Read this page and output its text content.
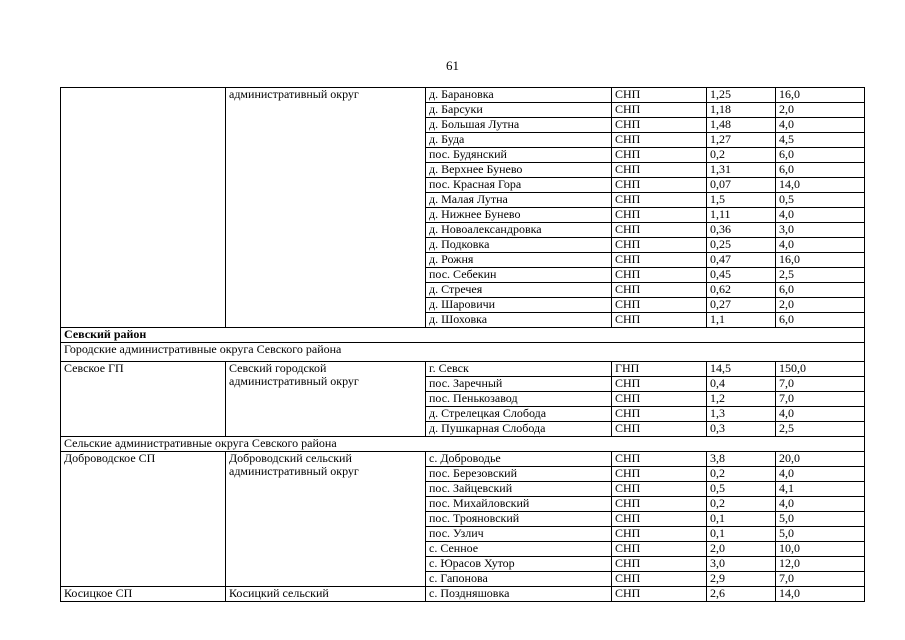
61
	административный округ	д. Барановка	СНП	1,25	16,0
		д. Барсуки	СНП	1,18	2,0
		д. Большая Лутна	СНП	1,48	4,0
		д. Буда	СНП	1,27	4,5
		пос. Будянский	СНП	0,2	6,0
		д. Верхнее Бунево	СНП	1,31	6,0
		пос. Красная Гора	СНП	0,07	14,0
		д. Малая Лутна	СНП	1,5	0,5
		д. Нижнее Бунево	СНП	1,11	4,0
		д. Новоалександровка	СНП	0,36	3,0
		д. Подковка	СНП	0,25	4,0
		д. Рожня	СНП	0,47	16,0
		пос. Себекин	СНП	0,45	2,5
		д. Стречея	СНП	0,62	6,0
		д. Шаровичи	СНП	0,27	2,0
		д. Шоховка	СНП	1,1	6,0
Севский район					
Городские административные округа Севского района					
Севское ГП	Севский городской административный округ	г. Севск	ГНП	14,5	150,0
		пос. Заречный	СНП	0,4	7,0
		пос. Пенькозавод	СНП	1,2	7,0
		д. Стрелецкая Слобода	СНП	1,3	4,0
		д. Пушкарная Слобода	СНП	0,3	2,5
Сельские административные округа Севского района					
Доброводское СП	Доброводский сельский административный округ	с. Доброводье	СНП	3,8	20,0
		пос. Березовский	СНП	0,2	4,0
		пос. Зайцевский	СНП	0,5	4,1
		пос. Михайловский	СНП	0,2	4,0
		пос. Трояновский	СНП	0,1	5,0
		пос. Узлич	СНП	0,1	5,0
		с. Сенное	СНП	2,0	10,0
		с. Юрасов Хутор	СНП	3,0	12,0
		с. Гапонова	СНП	2,9	7,0
Косицкое СП	Косицкий сельский	с. Поздняшовка	СНП	2,6	14,0
